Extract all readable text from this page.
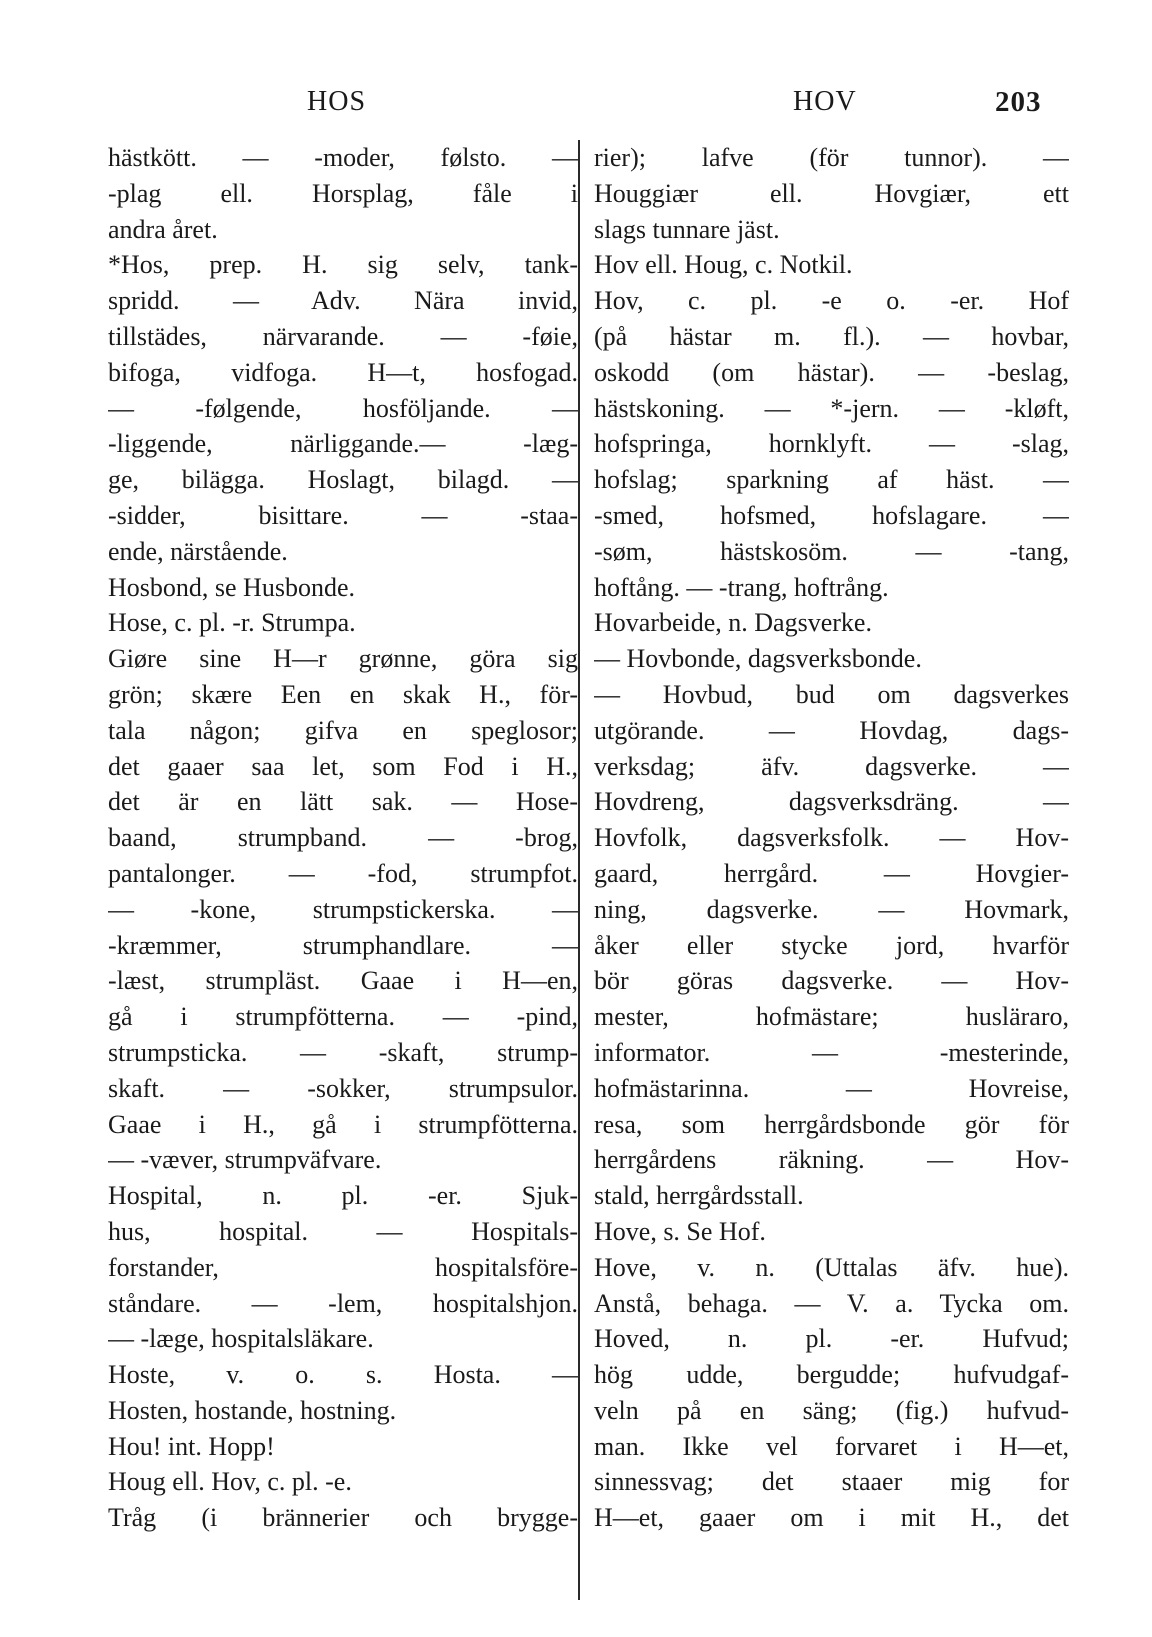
HOS	HOV	203
hästkött. — -moder, følsto. —
-plag ell. Horsplag, fåle i
andra året.
*Hos, prep. H. sig selv, tank-
spridd. — Adv. Nära invid,
tillstädes, närvarande. — -føie,
bifoga, vidfoga. H—t, hosfogad.
— -følgende, hosföljande. —
-liggende, närliggande.— -læg-
ge, bilägga. Hoslagt, bilagd. —
-sidder, bisittare. — -staa-
ende, närstående.
Hosbond, se Husbonde.
Hose, c. pl. -r. Strumpa.
Giøre sine H—r grønne, göra sig
grön; skære Een en skak H., för-
tala någon; gifva en speglosor;
det gaaer saa let, som Fod i H.,
det är en lätt sak. — Hose-
baand, strumpband. — -brog,
pantalonger. — -fod, strumpfot.
— -kone, strumpstickerska. —
-kræmmer, strumphandlare. —
-læst, strumpläst. Gaae i H—en,
gå i strumpfötterna. — -pind,
strumpsticka. — -skaft, strump-
skaft. — -sokker, strumpsulor.
Gaae i H., gå i strumpfötterna.
— -væver, strumpväfvare.
Hospital, n. pl. -er. Sjuk-
hus, hospital. — Hospitals-
forstander, hospitalsföre-
ståndare. — -lem, hospitalshjon.
— -læge, hospitalsläkare.
Hoste, v. o. s. Hosta. —
Hosten, hostande, hostning.
Hou! int. Hopp!
Houg ell. Hov, c. pl. -e.
Tråg (i brännerier och brygge-
rier); lafve (för tunnor). —
Houggiær ell. Hovgiær, ett
slags tunnare jäst.
Hov ell. Houg, c. Notkil.
Hov, c. pl. -e o. -er. Hof
(på hästar m. fl.). — hovbar,
oskodd (om hästar). — -beslag,
hästskoning. — *-jern. — -kløft,
hofspringa, hornklyft. — -slag,
hofslag; sparkning af häst. —
-smed, hofsmed, hofslagare. —
-søm, hästskosöm. — -tang,
hoftång. — -trang, hoftrång.
Hovarbeide, n. Dagsverke.
— Hovbonde, dagsverksbonde.
— Hovbud, bud om dagsverkes
utgörande. — Hovdag, dags-
verksdag; äfv. dagsverke. —
Hovdreng, dagsverksdräng. —
Hovfolk, dagsverksfolk. — Hov-
gaard, herrgård. — Hovgier-
ning, dagsverke. — Hovmark,
åker eller stycke jord, hvarför
bör göras dagsverke. — Hov-
mester, hofmästare; husläraro,
informator. — -mesterinde,
hofmästarinna. — Hovreise,
resa, som herrgårdsbonde gör för
herrgårdens räkning. — Hov-
stald, herrgårdsstall.
Hove, s. Se Hof.
Hove, v. n. (Uttalas äfv. hue).
Anstå, behaga. — V. a. Tycka om.
Hoved, n. pl. -er. Hufvud;
hög udde, bergudde; hufvudgaf-
veln på en säng; (fig.) hufvud-
man. Ikke vel forvaret i H—et,
sinnessvag; det staaer mig for
H—et, gaaer om i mit H., det
